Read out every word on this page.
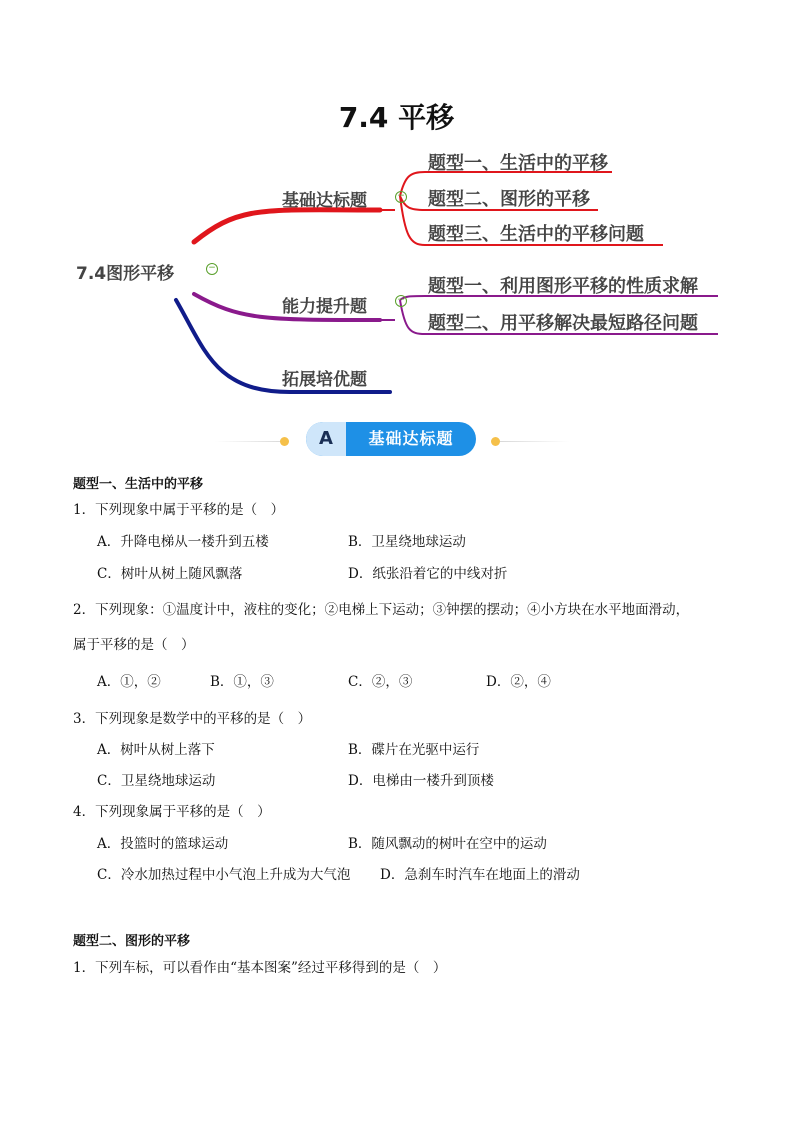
7.4 平移
7.4图形平移	−
基础达标题	−
题型一、生活中的平移
题型二、图形的平移
题型三、生活中的平移问题
能力提升题	−
题型一、利用图形平移的性质求解
题型二、用平移解决最短路径问题
拓展培优题
A	基础达标题
题型一、生活中的平移
1．下列现象中属于平移的是（　）
A．升降电梯从一楼升到五楼	B．卫星绕地球运动
C．树叶从树上随风飘落	D．纸张沿着它的中线对折
2．下列现象：①温度计中，液柱的变化；②电梯上下运动；③钟摆的摆动；④小方块在水平地面滑动，
属于平移的是（　）
A．①，②	B．①，③	C．②，③	D．②，④
3．下列现象是数学中的平移的是（　）
A．树叶从树上落下	B．碟片在光驱中运行
C．卫星绕地球运动	D．电梯由一楼升到顶楼
4．下列现象属于平移的是（　）
A．投篮时的篮球运动	B．随风飘动的树叶在空中的运动
C．冷水加热过程中小气泡上升成为大气泡 D．急刹车时汽车在地面上的滑动
题型二、图形的平移
1．下列车标，可以看作由“基本图案”经过平移得到的是（　）
